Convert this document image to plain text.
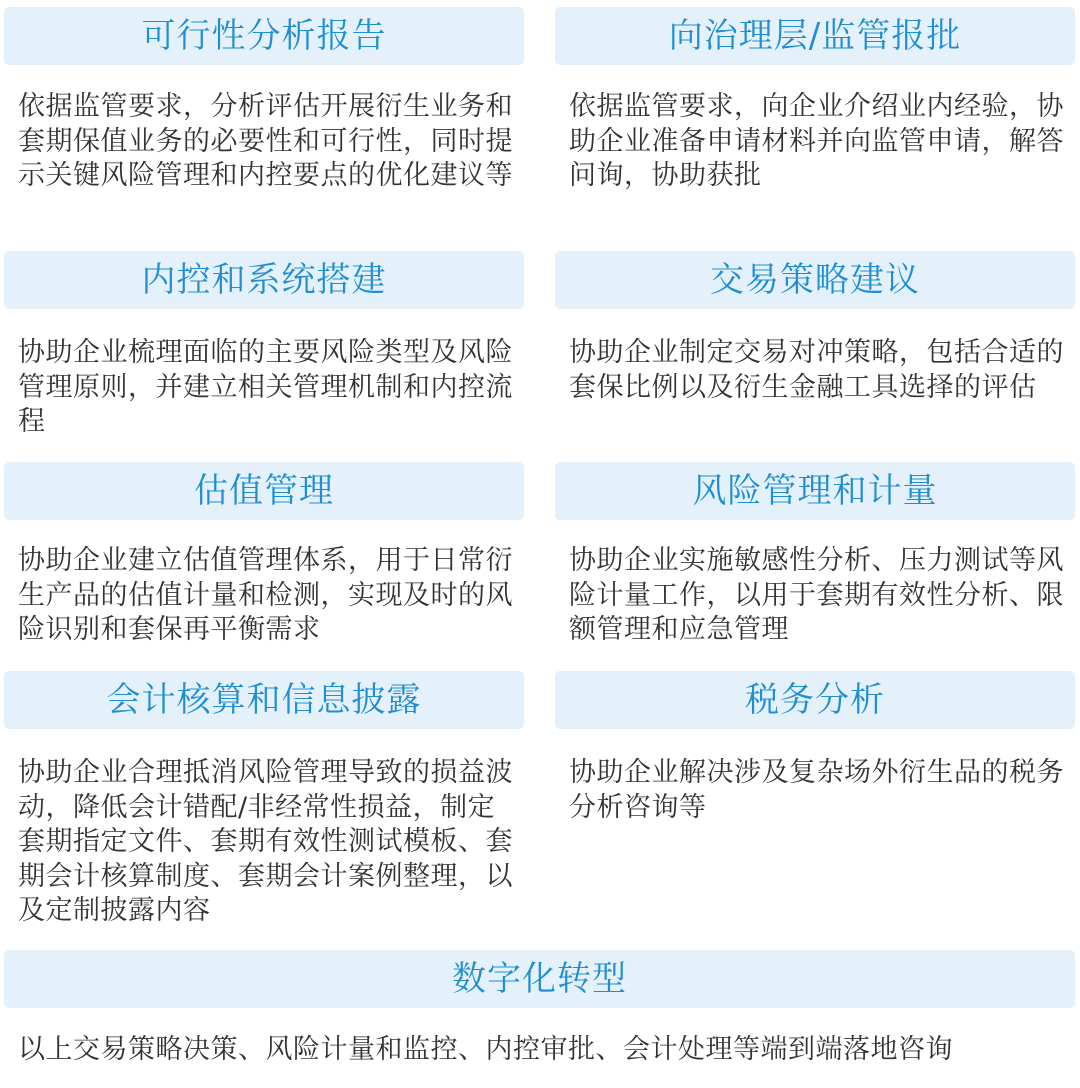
可行性分析报告	向治理层/监管报批
依据监管要求，分析评估开展衍生业务和套期保值业务的必要性和可行性，同时提示关键风险管理和内控要点的优化建议等
依据监管要求，向企业介绍业内经验，协助企业准备申请材料并向监管申请，解答问询，协助获批
内控和系统搭建	交易策略建议
协助企业梳理面临的主要风险类型及风险管理原则，并建立相关管理机制和内控流程
协助企业制定交易对冲策略，包括合适的套保比例以及衍生金融工具选择的评估
估值管理	风险管理和计量
协助企业建立估值管理体系，用于日常衍生产品的估值计量和检测，实现及时的风险识别和套保再平衡需求
协助企业实施敏感性分析、压力测试等风险计量工作，以用于套期有效性分析、限额管理和应急管理
会计核算和信息披露	税务分析
协助企业合理抵消风险管理导致的损益波动，降低会计错配/非经常性损益，制定套期指定文件、套期有效性测试模板、套期会计核算制度、套期会计案例整理，以及定制披露内容
协助企业解决涉及复杂场外衍生品的税务分析咨询等
数字化转型
以上交易策略决策、风险计量和监控、内控审批、会计处理等端到端落地咨询
